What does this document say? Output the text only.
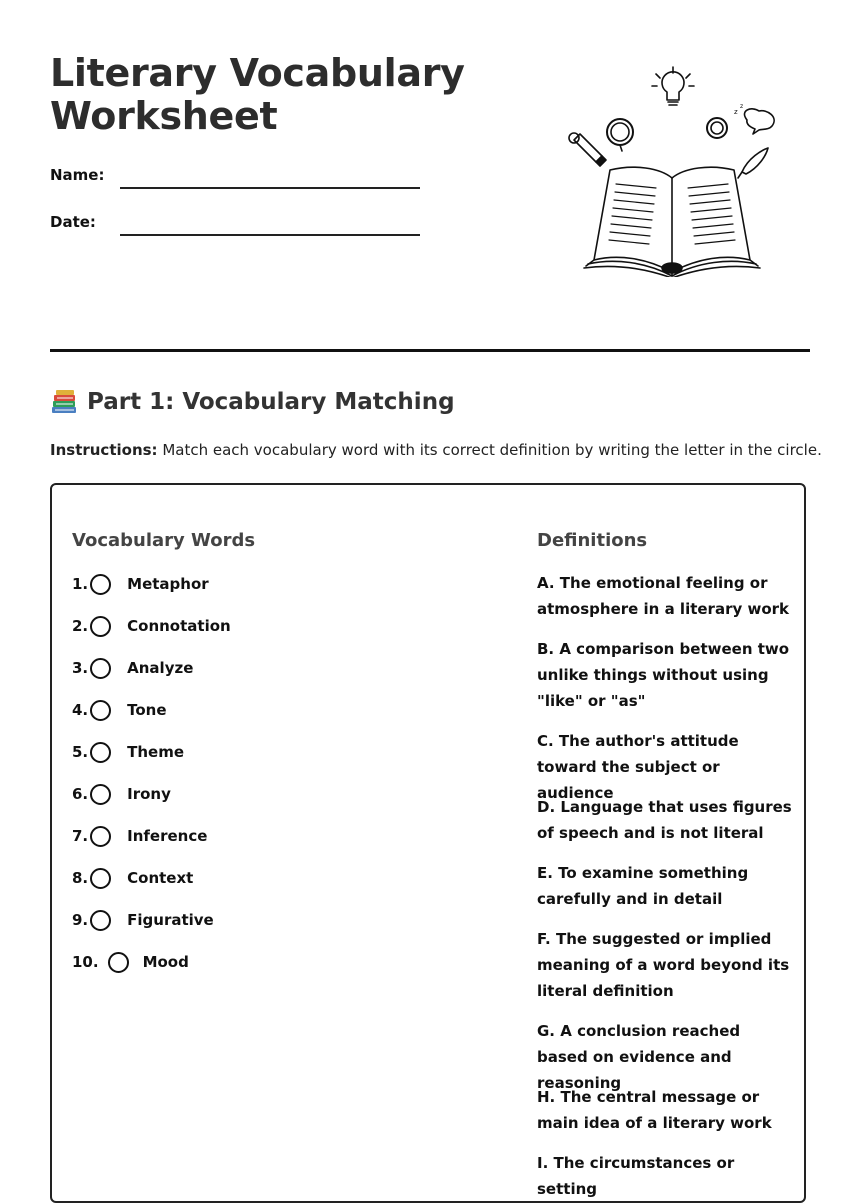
Literary Vocabulary
Worksheet
Name:
Date:
z
z
Part 1: Vocabulary Matching
Instructions: Match each vocabulary word with its correct definition by writing the letter in the circle.
Vocabulary Words	Definitions
1.	Metaphor
2.	Connotation
3.	Analyze
4.	Tone
5.	Theme
6.	Irony
7.	Inference
8.	Context
9.	Figurative
10.	Mood
A. The emotional feeling or atmosphere in a literary work
B. A comparison between two unlike things without using "like" or "as"
C. The author's attitude toward the subject or audience
D. Language that uses figures of speech and is not literal
E. To examine something carefully and in detail
F. The suggested or implied meaning of a word beyond its literal definition
G. A conclusion reached based on evidence and reasoning
H. The central message or main idea of a literary work
I. The circumstances or setting
